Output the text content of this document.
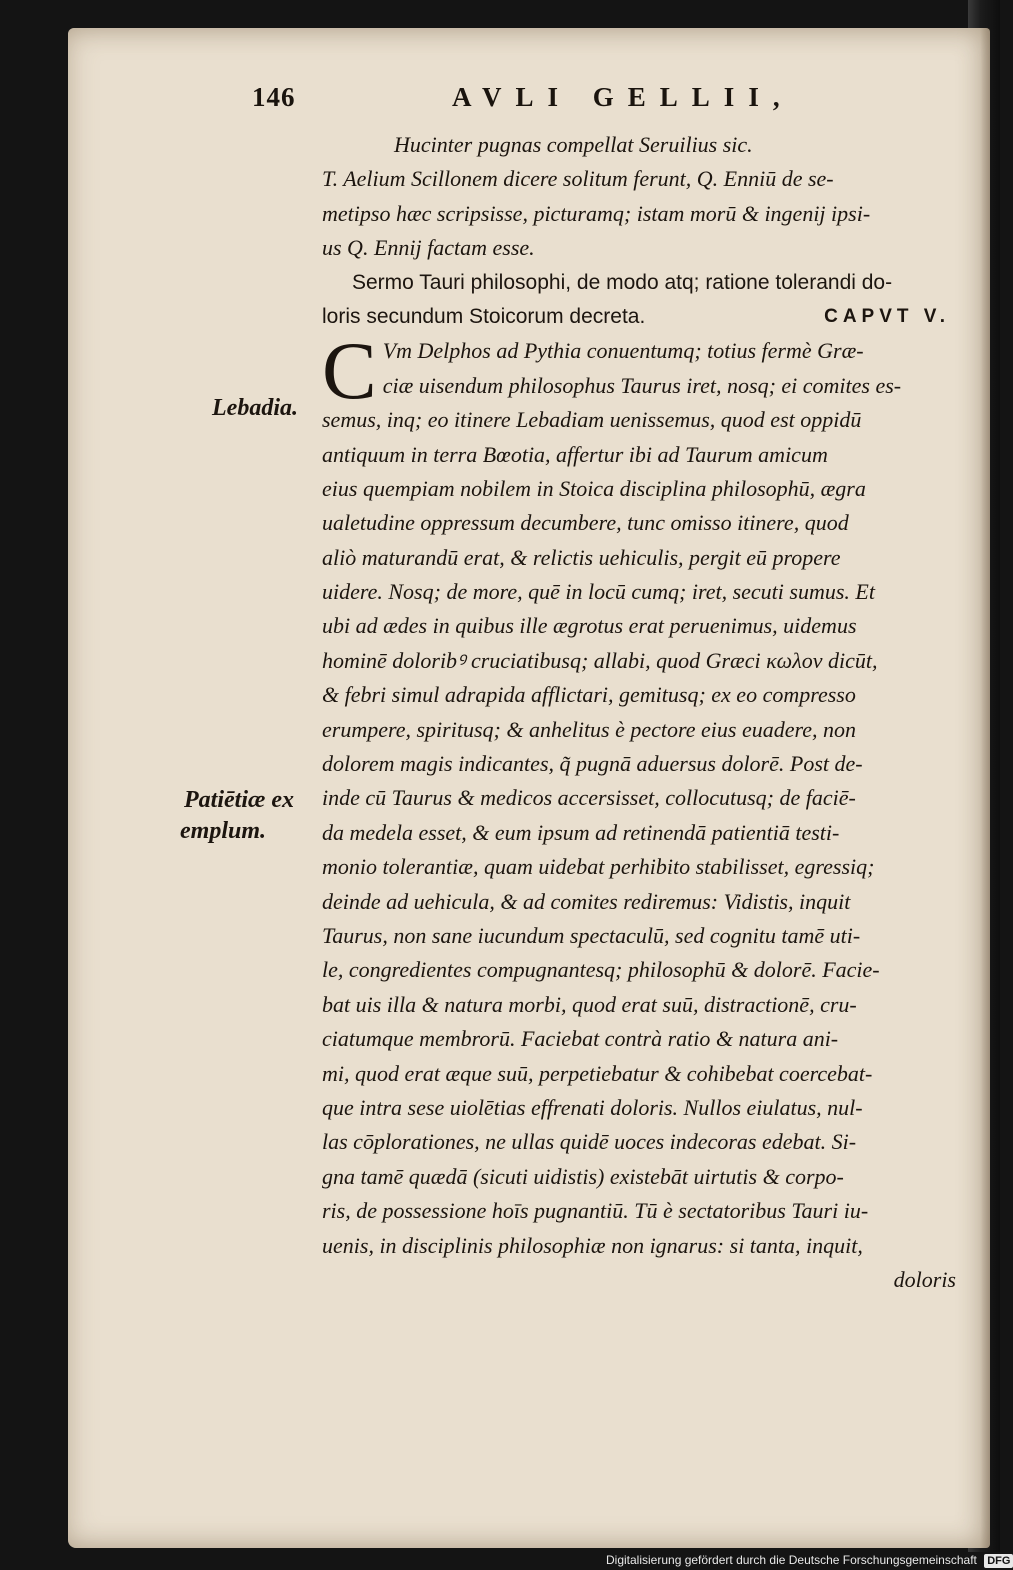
146	AVLI GELLII,
Lebadia.
Patiētiæ ex
emplum.
Hucinter pugnas compellat Seruilius sic.
T. Aelium Scillonem dicere solitum ferunt, Q. Enniū de se-
metipso hæc scripsisse, picturamq; istam morū & ingenij ipsi-
us Q. Ennij factam esse.
Sermo Tauri philosophi, de modo atq; ratione tolerandi do-
loris secundum Stoicorum decreta.	CAPVT V.
C Vm Delphos ad Pythia conuentumq; totius fermè Græ-
ciæ uisendum philosophus Taurus iret, nosq; ei comites es-
semus, inq; eo itinere Lebadiam uenissemus, quod est oppidū
antiquum in terra Bœotia, affertur ibi ad Taurum amicum
eius quempiam nobilem in Stoica disciplina philosophū, ægra
ualetudine oppressum decumbere, tunc omisso itinere, quod
aliò maturandū erat, & relictis uehiculis, pergit eū propere
uidere. Nosq; de more, quē in locū cumq; iret, secuti sumus. Et
ubi ad ædes in quibus ille ægrotus erat peruenimus, uidemus
hominē doloribꝰ cruciatibusq; allabi, quod Græci κωλον dicūt,
& febri simul adrapida afflictari, gemitusq; ex eo compresso
erumpere, spiritusq; & anhelitus è pectore eius euadere, non
dolorem magis indicantes, q̃ pugnā aduersus dolorē. Post de-
inde cū Taurus & medicos accersisset, collocutusq; de faciē-
da medela esset, & eum ipsum ad retinendā patientiā testi-
monio tolerantiæ, quam uidebat perhibito stabilisset, egressiq;
deinde ad uehicula, & ad comites rediremus: Vidistis, inquit
Taurus, non sane iucundum spectaculū, sed cognitu tamē uti-
le, congredientes compugnantesq; philosophū & dolorē. Facie-
bat uis illa & natura morbi, quod erat suū, distractionē, cru-
ciatumque membrorū. Faciebat contrà ratio & natura ani-
mi, quod erat æque suū, perpetiebatur & cohibebat coercebat-
que intra sese uiolētias effrenati doloris. Nullos eiulatus, nul-
las cōplorationes, ne ullas quidē uoces indecoras edebat. Si-
gna tamē quædā (sicuti uidistis) existebāt uirtutis & corpo-
ris, de possessione hoīs pugnantiū. Tū è sectatoribus Tauri iu-
uenis, in disciplinis philosophiæ non ignarus: si tanta, inquit,
doloris
Digitalisierung gefördert durch die Deutsche Forschungsgemeinschaft DFG
